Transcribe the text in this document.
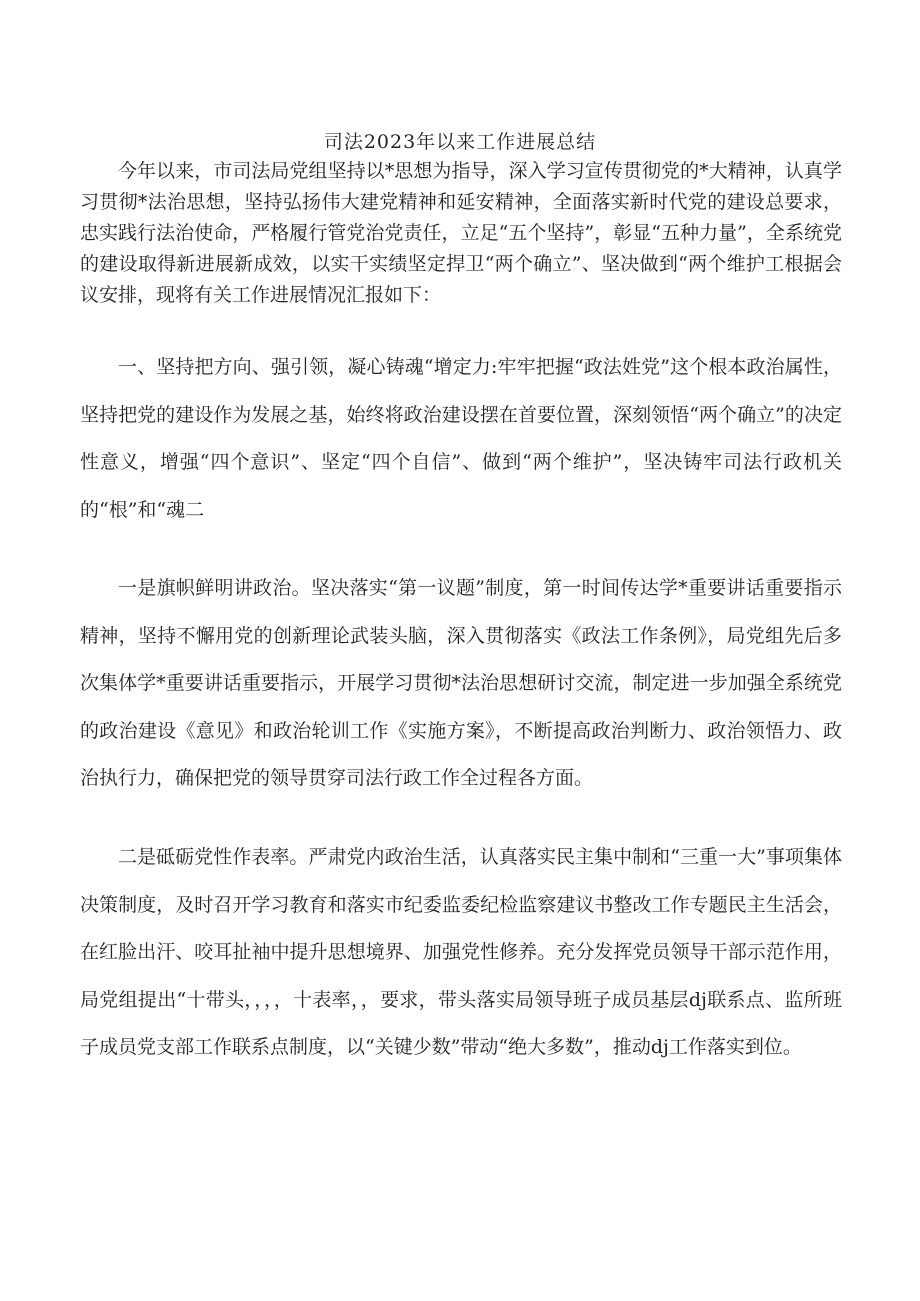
司法2023年以来工作进展总结

今年以来，市司法局党组坚持以*思想为指导，深入学习宣传贯彻党的*大精神，认真学习贯彻*法治思想，坚持弘扬伟大建党精神和延安精神，全面落实新时代党的建设总要求，忠实践行法治使命，严格履行管党治党责任，立足“五个坚持”，彰显“五种力量”，全系统党的建设取得新进展新成效，以实干实绩坚定捍卫“两个确立”、坚决做到“两个维护工根据会议安排，现将有关工作进展情况汇报如下：

一、坚持把方向、强引领，凝心铸魂“增定力:牢牢把握“政法姓党”这个根本政治属性，坚持把党的建设作为发展之基，始终将政治建设摆在首要位置，深刻领悟“两个确立”的决定性意义，增强“四个意识”、坚定“四个自信”、做到“两个维护”，坚决铸牢司法行政机关的“根”和“魂二

一是旗帜鲜明讲政治。坚决落实“第一议题”制度，第一时间传达学*重要讲话重要指示精神，坚持不懈用党的创新理论武装头脑，深入贯彻落实《政法工作条例》，局党组先后多次集体学*重要讲话重要指示，开展学习贯彻*法治思想研讨交流，制定进一步加强全系统党的政治建设《意见》和政治轮训工作《实施方案》，不断提高政治判断力、政治领悟力、政治执行力，确保把党的领导贯穿司法行政工作全过程各方面。

二是砥砺党性作表率。严肃党内政治生活，认真落实民主集中制和“三重一大”事项集体决策制度，及时召开学习教育和落实市纪委监委纪检监察建议书整改工作专题民主生活会，在红脸出汗、咬耳扯袖中提升思想境界、加强党性修养。充分发挥党员领导干部示范作用，局党组提出“十带头，，，，十表率，，要求，带头落实局领导班子成员基层dj联系点、监所班子成员党支部工作联系点制度，以“关键少数”带动“绝大多数”，推动dj工作落实到位。
